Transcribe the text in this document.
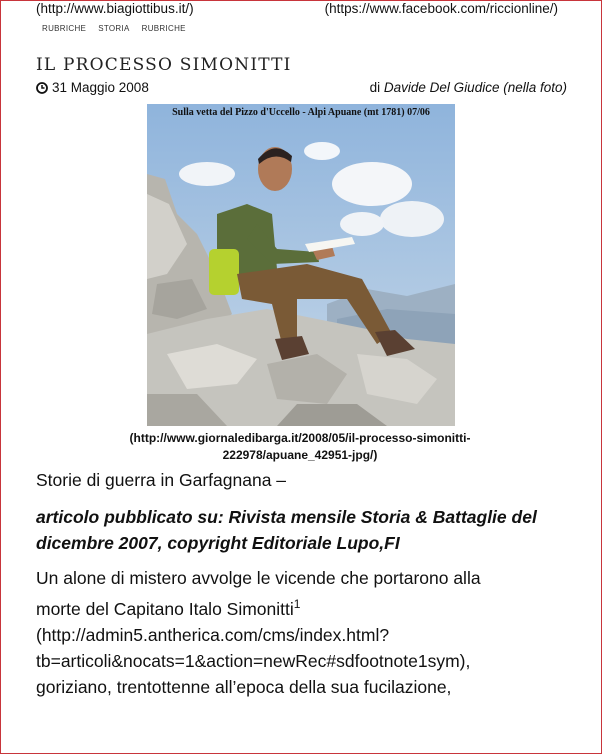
(http://www.biagiottibus.it/)	(https://www.facebook.com/riccionline/)
RUBRICHE STORIA RUBRICHE
IL PROCESSO SIMONITTI
31 Maggio 2008	di Davide Del Giudice (nella foto)
Sulla vetta del Pizzo d'Uccello - Alpi Apuane (mt 1781) 07/06
(http://www.giornaledibarga.it/2008/05/il-processo-simonitti-
222978/apuane_42951-jpg/)
Storie di guerra in Garfagnana –
articolo pubblicato su: Rivista mensile Storia & Battaglie del dicembre 2007, copyright Editoriale Lupo,FI
Un alone di mistero avvolge le vicende che portarono alla
morte del Capitano Italo Simonitti$^1$
(http://admin5.antherica.com/cms/index.html?
tb=articoli&nocats=1&action=newRec#sdfootnote1sym),
goriziano, trentottenne all’epoca della sua fucilazione,
